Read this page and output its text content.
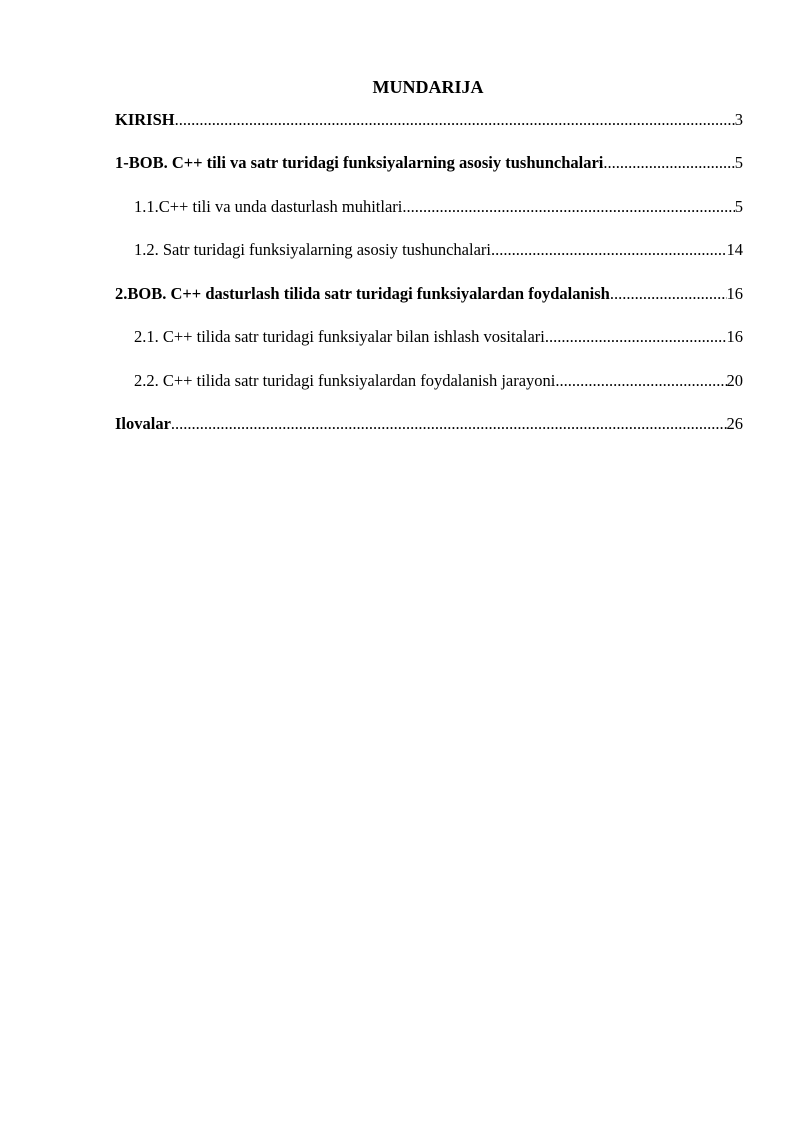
MUNDARIJA
KIRISH .....	3
1-BOB. C++ tili va satr turidagi funksiyalarning asosiy tushunchalari .....	5
1.1.C++ tili va unda dasturlash muhitlari .....	5
1.2. Satr turidagi funksiyalarning asosiy tushunchalari .....	14
2.BOB. C++ dasturlash tilida satr turidagi funksiyalardan foydalanish .....	16
2.1. C++ tilida satr turidagi funksiyalar bilan ishlash vositalari .....	16
2.2. C++ tilida satr turidagi funksiyalardan foydalanish jarayoni .....	20
Ilovalar .....	26
